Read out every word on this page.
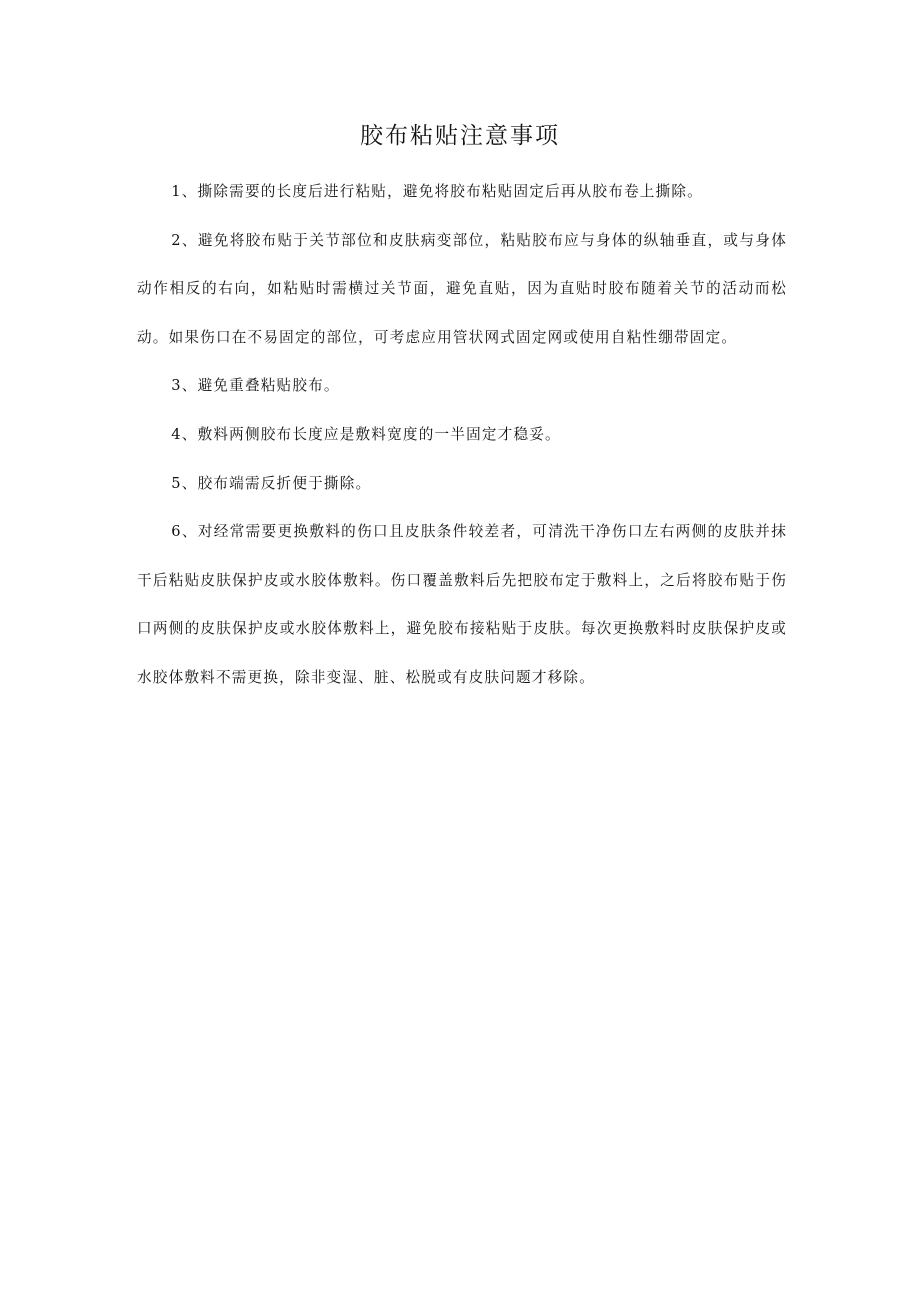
胶布粘贴注意事项

1、撕除需要的长度后进行粘贴，避免将胶布粘贴固定后再从胶布卷上撕除。

2、避免将胶布贴于关节部位和皮肤病变部位，粘贴胶布应与身体的纵轴垂直，或与身体动作相反的右向，如粘贴时需横过关节面，避免直贴，因为直贴时胶布随着关节的活动而松动。如果伤口在不易固定的部位，可考虑应用管状网式固定网或使用自粘性绷带固定。

3、避免重叠粘贴胶布。

4、敷料两侧胶布长度应是敷料宽度的一半固定才稳妥。

5、胶布端需反折便于撕除。

6、对经常需要更换敷料的伤口且皮肤条件较差者，可清洗干净伤口左右两侧的皮肤并抹干后粘贴皮肤保护皮或水胶体敷料。伤口覆盖敷料后先把胶布定于敷料上，之后将胶布贴于伤口两侧的皮肤保护皮或水胶体敷料上，避免胶布接粘贴于皮肤。每次更换敷料时皮肤保护皮或水胶体敷料不需更换，除非变湿、脏、松脱或有皮肤问题才移除。
